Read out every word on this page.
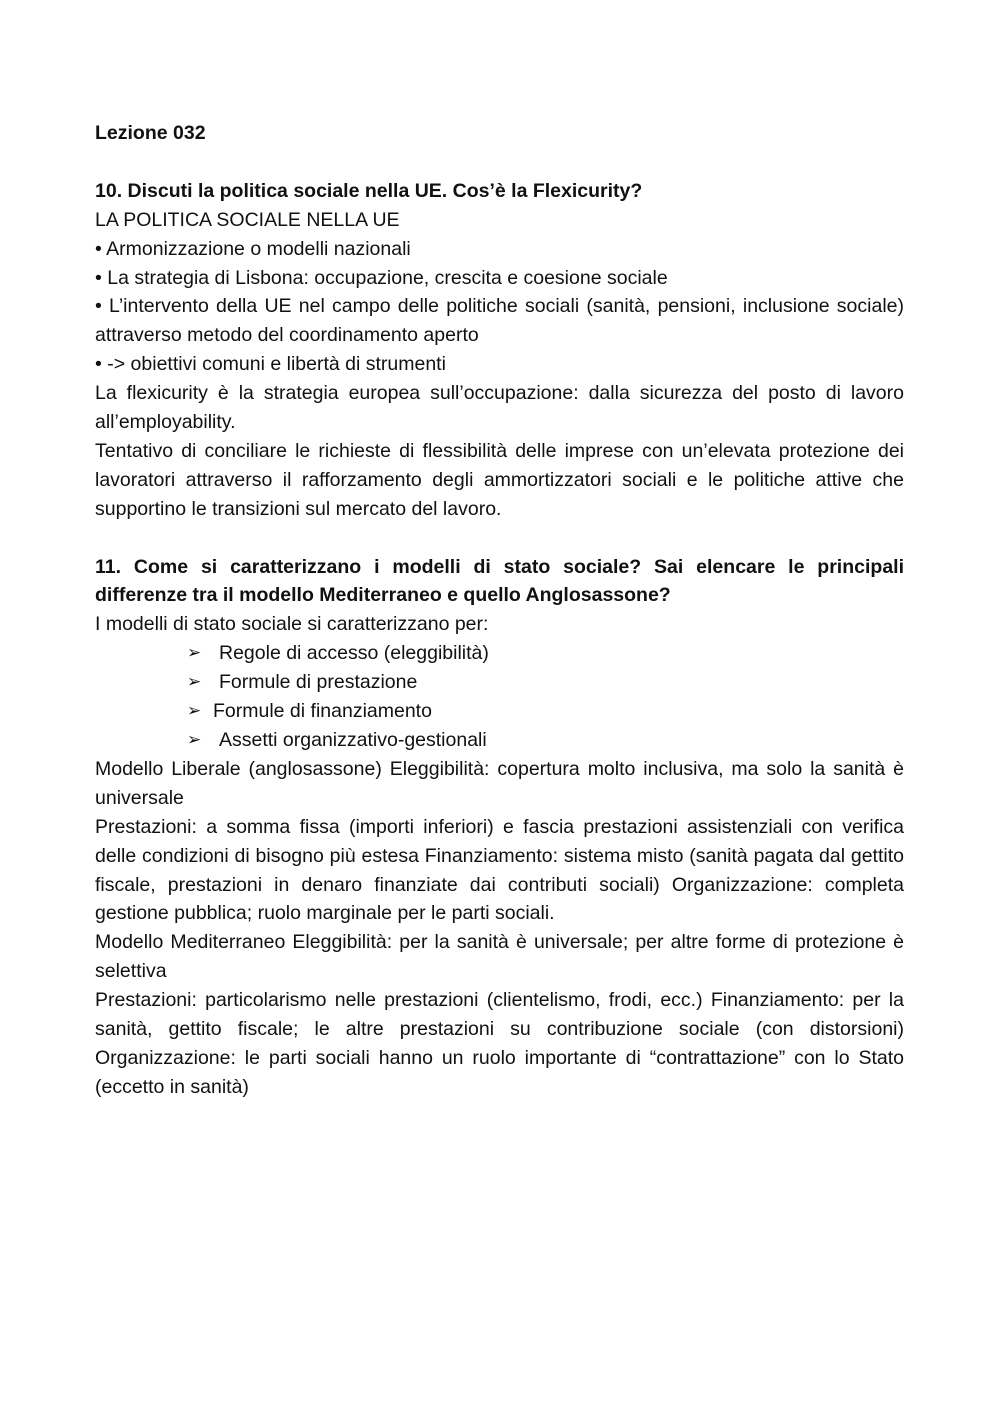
Lezione 032

10. Discuti la politica sociale nella UE. Cos’è la Flexicurity?

LA POLITICA SOCIALE NELLA UE

• Armonizzazione o modelli nazionali

• La strategia di Lisbona: occupazione, crescita e coesione sociale

• L’intervento della UE nel campo delle politiche sociali (sanità, pensioni, inclusione sociale) attraverso metodo del coordinamento aperto

• -> obiettivi comuni e libertà di strumenti

La flexicurity è la strategia europea sull’occupazione: dalla sicurezza del posto di lavoro all’employability.

Tentativo di conciliare le richieste di flessibilità delle imprese con un’elevata protezione dei lavoratori attraverso il rafforzamento degli ammortizzatori sociali e le politiche attive che supportino le transizioni sul mercato del lavoro.

11. Come si caratterizzano i modelli di stato sociale? Sai elencare le principali differenze tra il modello Mediterraneo e quello Anglosassone?

I modelli di stato sociale si caratterizzano per:

➢ Regole di accesso (eleggibilità)
➢ Formule di prestazione
➢ Formule di finanziamento
➢ Assetti organizzativo-gestionali

Modello Liberale (anglosassone) Eleggibilità: copertura molto inclusiva, ma solo la sanità è universale

Prestazioni: a somma fissa (importi inferiori) e fascia prestazioni assistenziali con verifica delle condizioni di bisogno più estesa Finanziamento: sistema misto (sanità pagata dal gettito fiscale, prestazioni in denaro finanziate dai contributi sociali) Organizzazione: completa gestione pubblica; ruolo marginale per le parti sociali.

Modello Mediterraneo Eleggibilità: per la sanità è universale; per altre forme di protezione è selettiva

Prestazioni: particolarismo nelle prestazioni (clientelismo, frodi, ecc.) Finanziamento: per la sanità, gettito fiscale; le altre prestazioni su contribuzione sociale (con distorsioni) Organizzazione: le parti sociali hanno un ruolo importante di “contrattazione” con lo Stato (eccetto in sanità)
